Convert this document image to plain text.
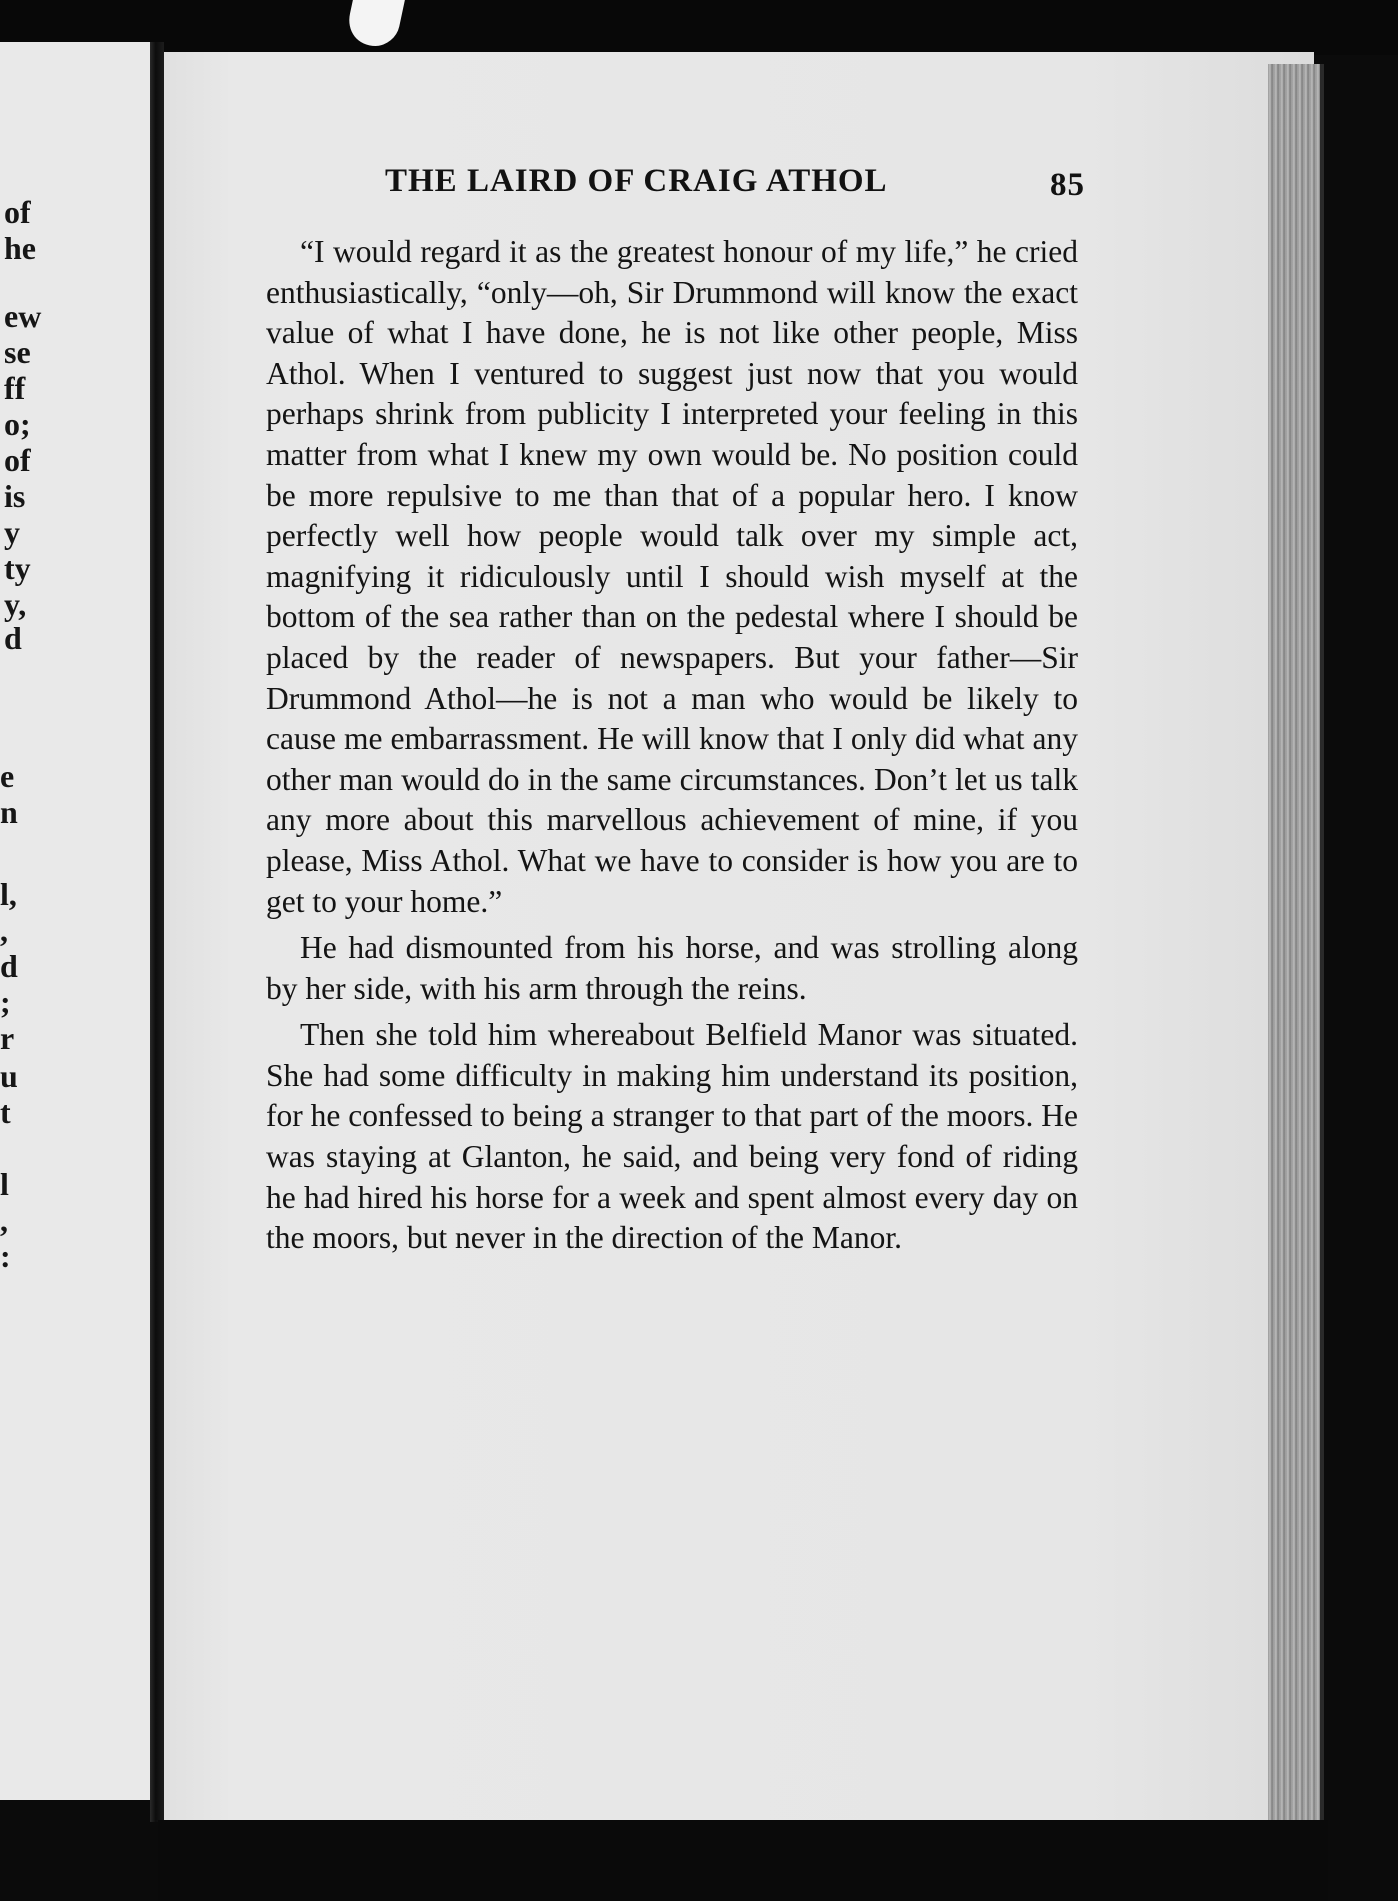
of
he
ew
se
ff
o;
of
is
y
ty
y,
d
e
n
l,
,
d
;
r
u
t
l
,
:
THE LAIRD OF CRAIG ATHOL	85

“I would regard it as the greatest honour of my life,” he cried enthusiastically, “only—oh, Sir Drummond will know the exact value of what I have done, he is not like other people, Miss Athol. When I ventured to suggest just now that you would perhaps shrink from publicity I interpreted your feeling in this matter from what I knew my own would be. No position could be more repulsive to me than that of a popular hero. I know perfectly well how people would talk over my simple act, magnifying it ridiculously until I should wish myself at the bottom of the sea rather than on the pedestal where I should be placed by the reader of newspapers. But your father—Sir Drummond Athol—he is not a man who would be likely to cause me embarrassment. He will know that I only did what any other man would do in the same circumstances. Don’t let us talk any more about this marvellous achievement of mine, if you please, Miss Athol. What we have to consider is how you are to get to your home.”

He had dismounted from his horse, and was strolling along by her side, with his arm through the reins.

Then she told him whereabout Belfield Manor was situated. She had some difficulty in making him understand its position, for he confessed to being a stranger to that part of the moors. He was staying at Glanton, he said, and being very fond of riding he had hired his horse for a week and spent almost every day on the moors, but never in the direction of the Manor.
